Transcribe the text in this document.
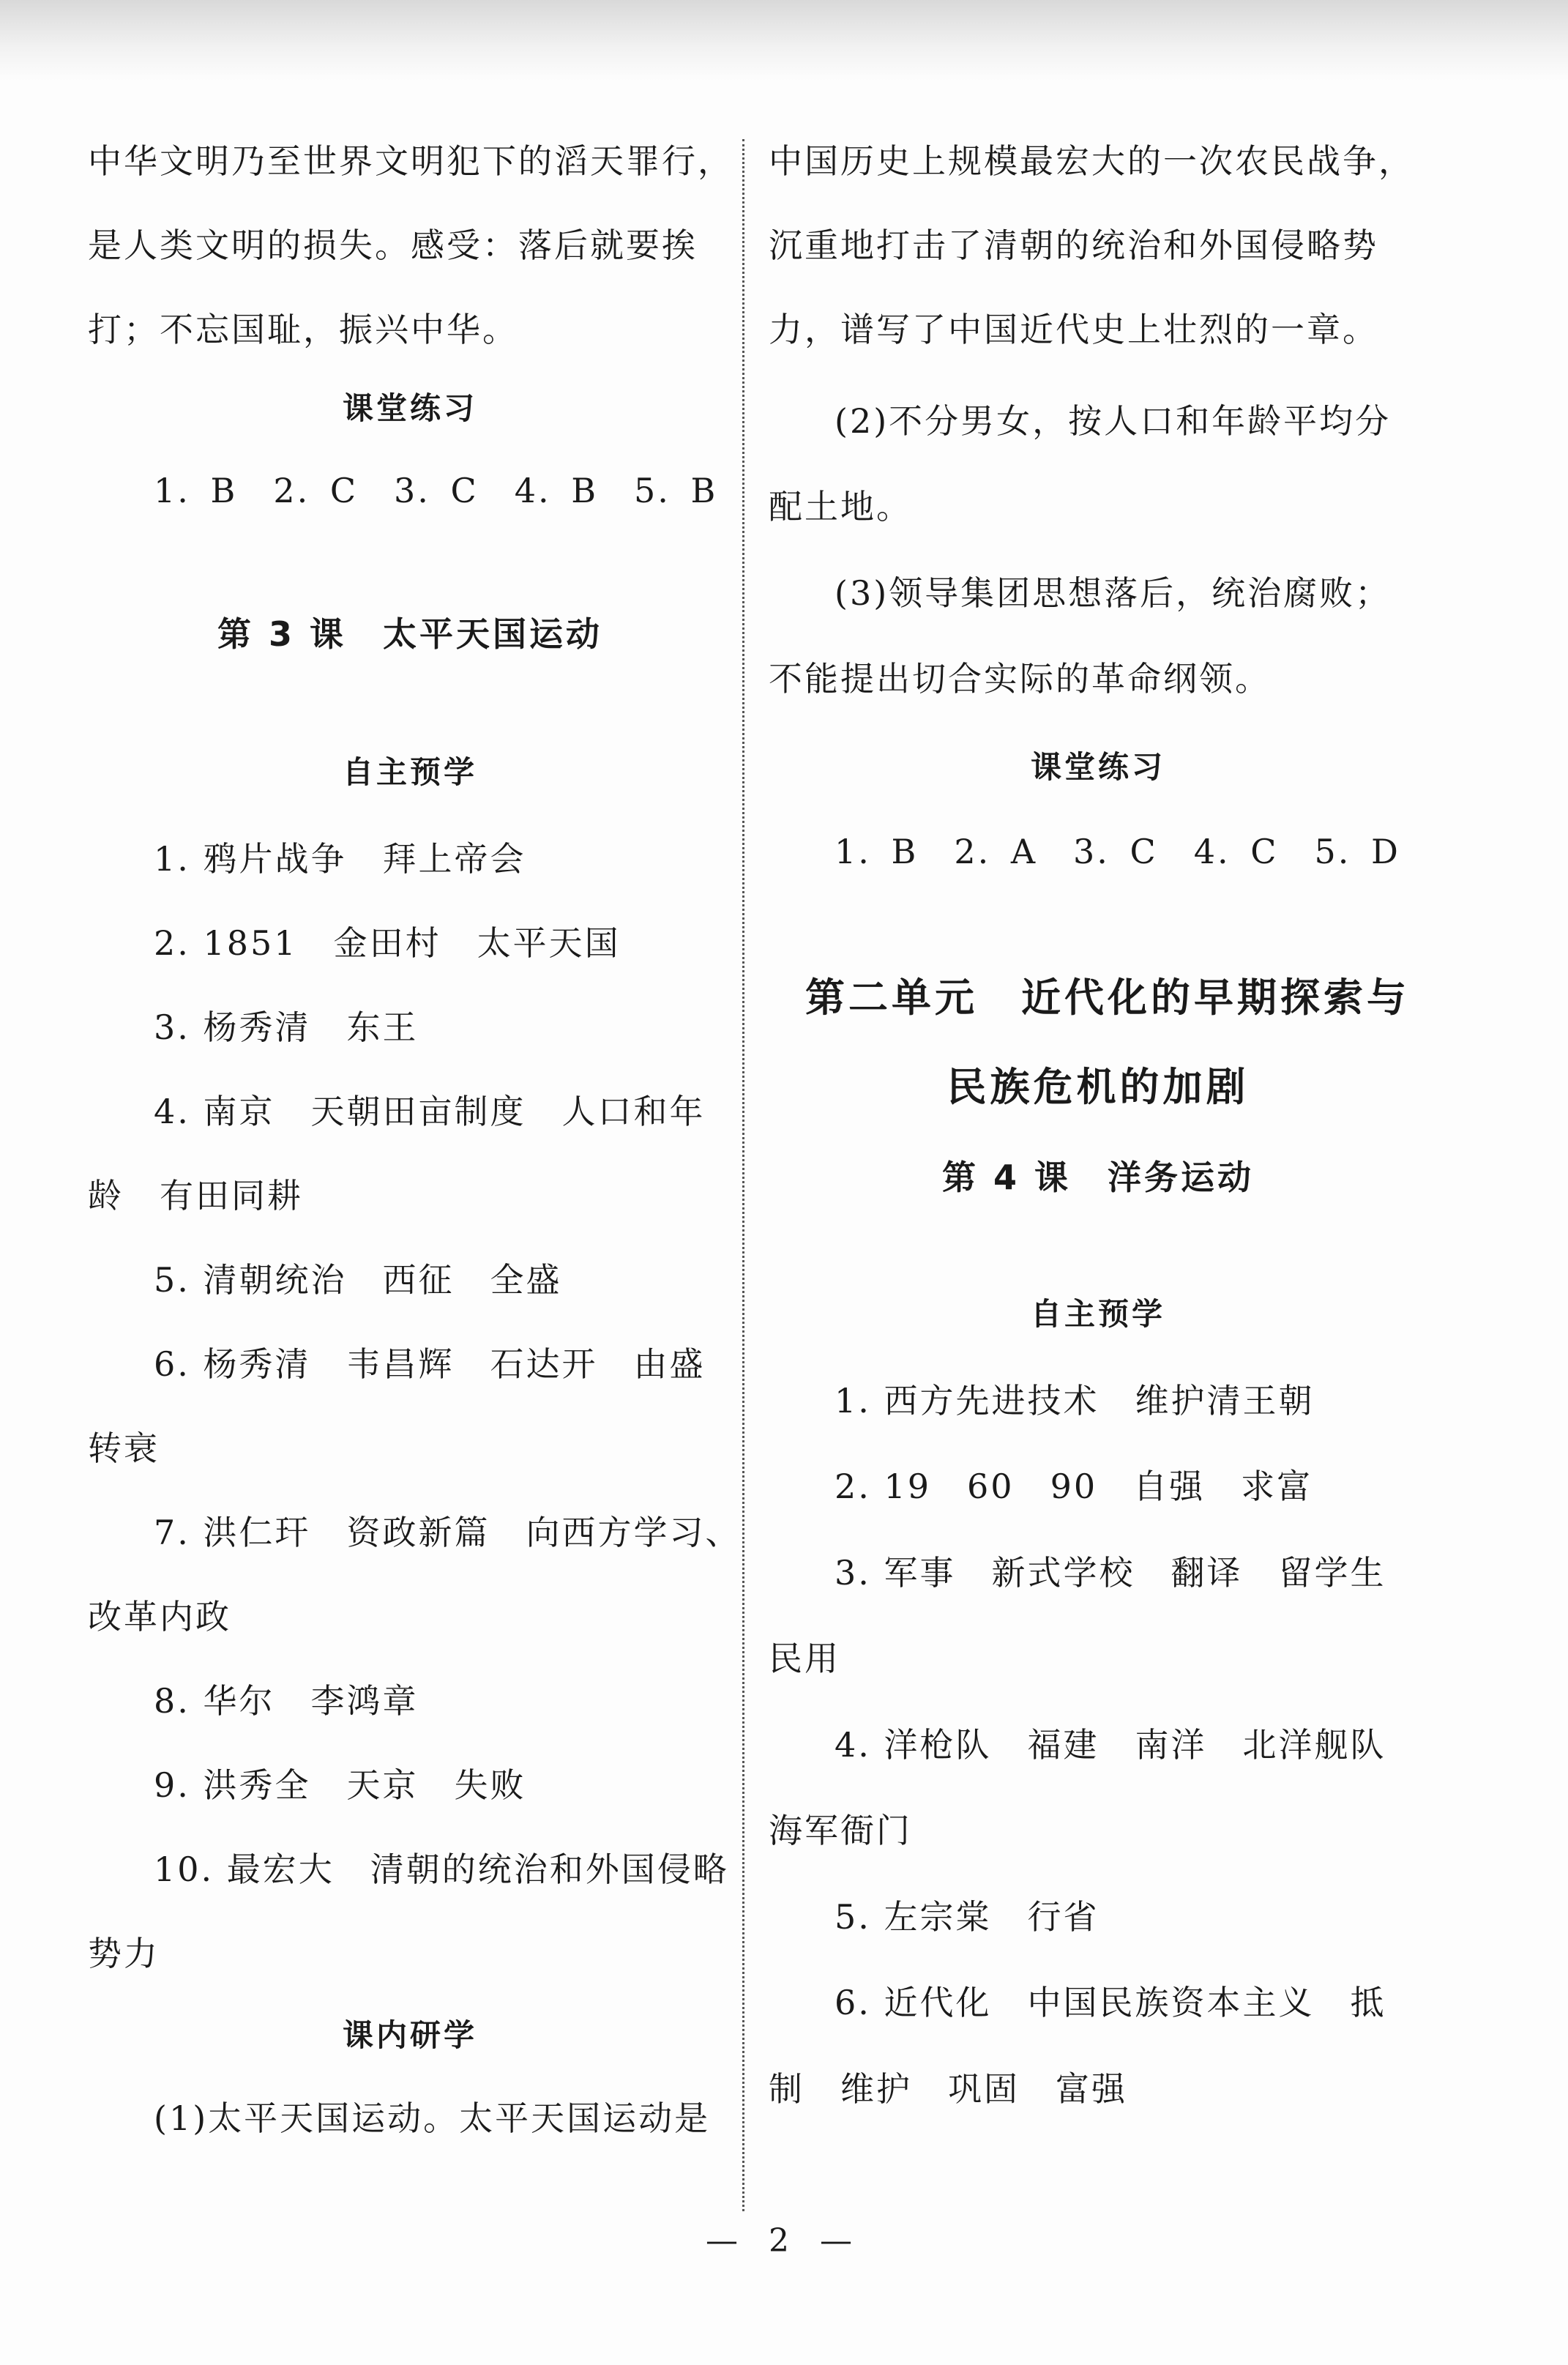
中华文明乃至世界文明犯下的滔天罪行，
是人类文明的损失。感受：落后就要挨
打；不忘国耻，振兴中华。
课堂练习
1. B　2. C　3. C　4. B　5. B
第 3 课　太平天国运动
自主预学
1. 鸦片战争　拜上帝会
2. 1851　金田村　太平天国
3. 杨秀清　东王
4. 南京　天朝田亩制度　人口和年
龄　有田同耕
5. 清朝统治　西征　全盛
6. 杨秀清　韦昌辉　石达开　由盛
转衰
7. 洪仁玕　资政新篇　向西方学习、
改革内政
8. 华尔　李鸿章
9. 洪秀全　天京　失败
10. 最宏大　清朝的统治和外国侵略
势力
课内研学
(1)太平天国运动。太平天国运动是
中国历史上规模最宏大的一次农民战争，
沉重地打击了清朝的统治和外国侵略势
力，谱写了中国近代史上壮烈的一章。
(2)不分男女，按人口和年龄平均分
配土地。
(3)领导集团思想落后，统治腐败；
不能提出切合实际的革命纲领。
课堂练习
1. B　2. A　3. C　4. C　5. D
第二单元　近代化的早期探索与
民族危机的加剧
第 4 课　洋务运动
自主预学
1. 西方先进技术　维护清王朝
2. 19　60　90　自强　求富
3. 军事　新式学校　翻译　留学生
民用
4. 洋枪队　福建　南洋　北洋舰队
海军衙门
5. 左宗棠　行省
6. 近代化　中国民族资本主义　抵
制　维护　巩固　富强
— 2 —
